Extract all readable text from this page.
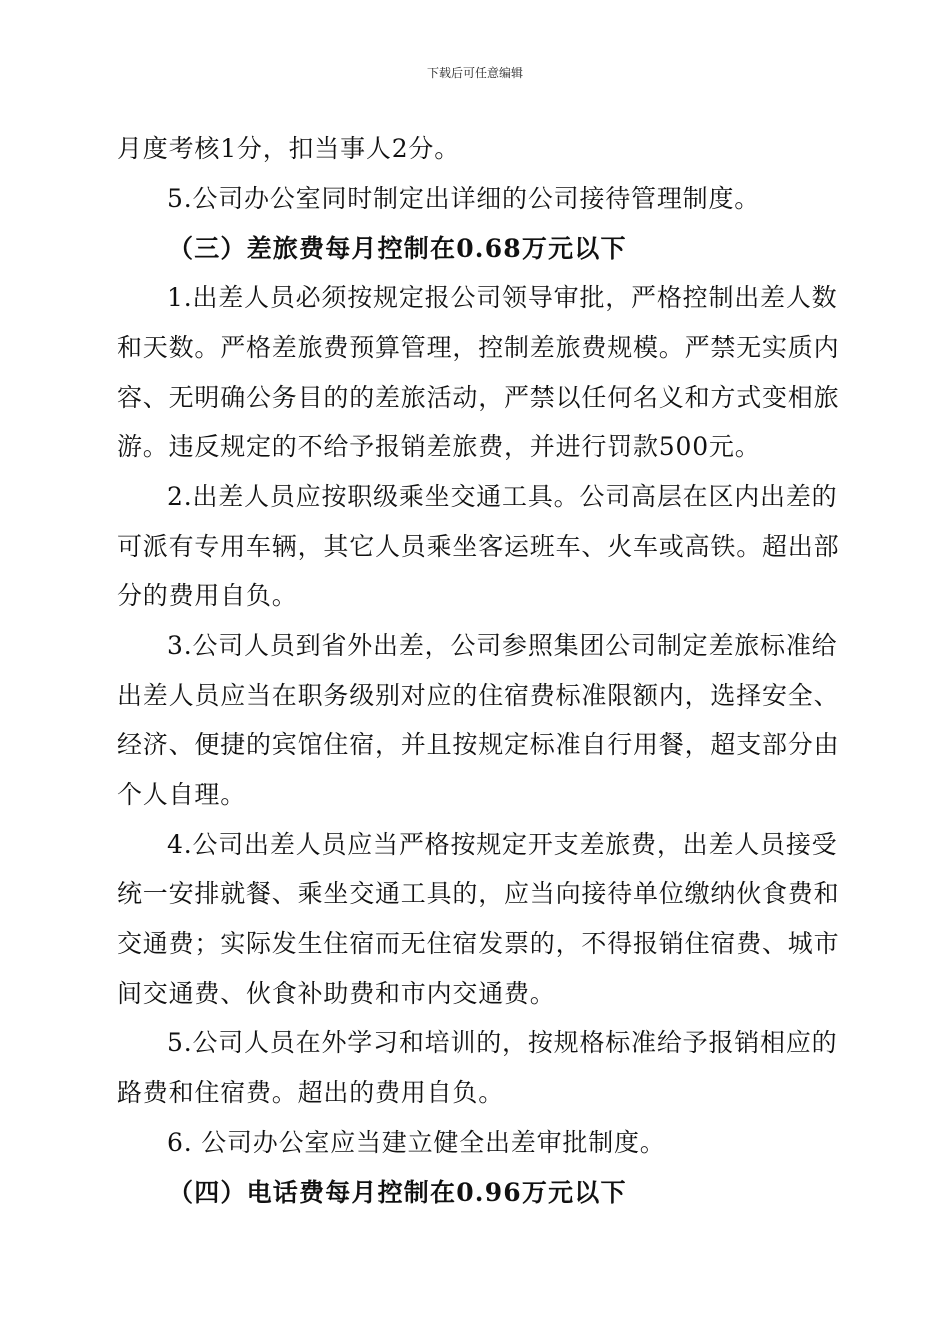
下载后可任意编辑
月度考核1分，扣当事人2分。
5.公司办公室同时制定出详细的公司接待管理制度。
（三）差旅费每月控制在0.68万元以下
1.出差人员必须按规定报公司领导审批，严格控制出差人数
和天数。严格差旅费预算管理，控制差旅费规模。严禁无实质内
容、无明确公务目的的差旅活动，严禁以任何名义和方式变相旅
游。违反规定的不给予报销差旅费，并进行罚款500元。
2.出差人员应按职级乘坐交通工具。公司高层在区内出差的
可派有专用车辆，其它人员乘坐客运班车、火车或高铁。超出部
分的费用自负。
3.公司人员到省外出差，公司参照集团公司制定差旅标准给
出差人员应当在职务级别对应的住宿费标准限额内，选择安全、
经济、便捷的宾馆住宿，并且按规定标准自行用餐，超支部分由
个人自理。
4.公司出差人员应当严格按规定开支差旅费，出差人员接受
统一安排就餐、乘坐交通工具的，应当向接待单位缴纳伙食费和
交通费；实际发生住宿而无住宿发票的，不得报销住宿费、城市
间交通费、伙食补助费和市内交通费。
5.公司人员在外学习和培训的，按规格标准给予报销相应的
路费和住宿费。超出的费用自负。
6. 公司办公室应当建立健全出差审批制度。
（四）电话费每月控制在0.96万元以下
